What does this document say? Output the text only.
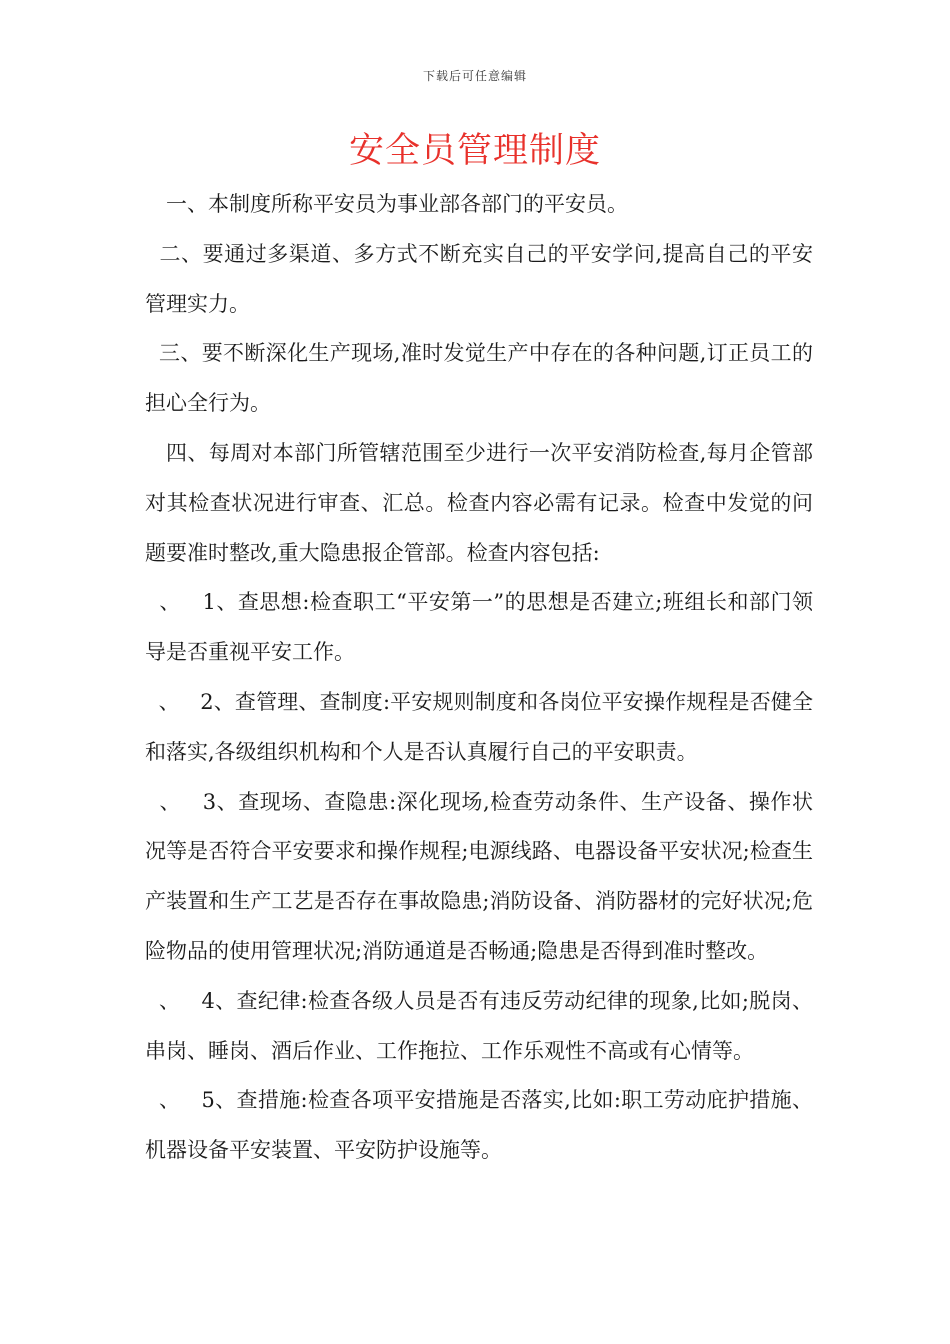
下载后可任意编辑
安全员管理制度

　一、本制度所称平安员为事业部各部门的平安员。

二、要通过多渠道、多方式不断充实自己的平安学问,提高自己的平安管理实力。

三、要不断深化生产现场,准时发觉生产中存在的各种问题,订正员工的担心全行为。

四、每周对本部门所管辖范围至少进行一次平安消防检查,每月企管部对其检查状况进行审查、汇总。检查内容必需有记录。检查中发觉的问题要准时整改,重大隐患报企管部。检查内容包括:

、   1、查思想:检查职工“平安第一”的思想是否建立;班组长和部门领导是否重视平安工作。

、   2、查管理、查制度:平安规则制度和各岗位平安操作规程是否健全和落实,各级组织机构和个人是否认真履行自己的平安职责。

、   3、查现场、查隐患:深化现场,检查劳动条件、生产设备、操作状况等是否符合平安要求和操作规程;电源线路、电器设备平安状况;检查生产装置和生产工艺是否存在事故隐患;消防设备、消防器材的完好状况;危险物品的使用管理状况;消防通道是否畅通;隐患是否得到准时整改。

、   4、查纪律:检查各级人员是否有违反劳动纪律的现象,比如;脱岗、串岗、睡岗、酒后作业、工作拖拉、工作乐观性不高或有心情等。

、   5、查措施:检查各项平安措施是否落实,比如:职工劳动庇护措施、机器设备平安装置、平安防护设施等。
